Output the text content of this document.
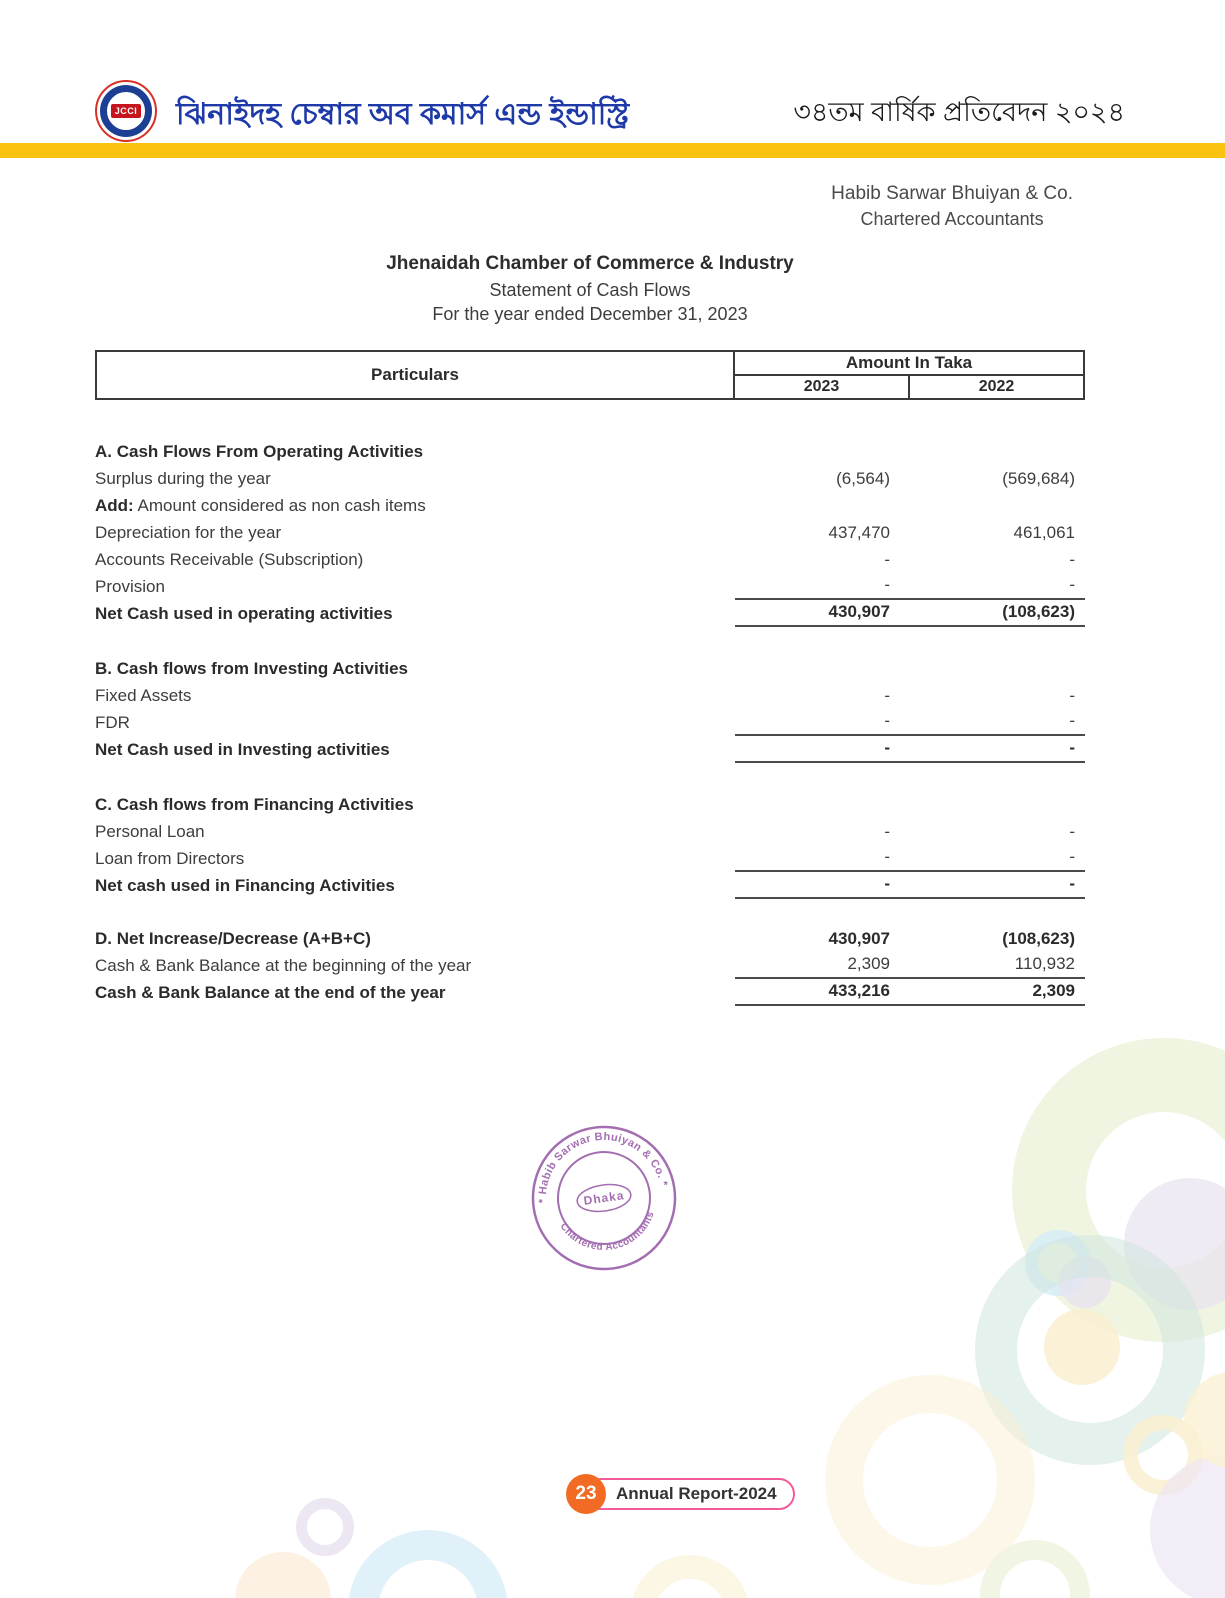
JCCI ঝিনাইদহ চেম্বার অব কমার্স এন্ড ইন্ডাস্ট্রি	৩৪তম বার্ষিক প্রতিবেদন ২০২৪
Habib Sarwar Bhuiyan & Co.
Chartered Accountants
Jhenaidah Chamber of Commerce & Industry
Statement of Cash Flows
For the year ended December 31, 2023
Particulars
Amount In Taka
2023	2022
A. Cash Flows From Operating Activities
Surplus during the year	(6,564)	(569,684)
Add: Amount considered as non cash items
Depreciation for the year	437,470	461,061
Accounts Receivable (Subscription)	-	-
Provision	-	-
Net Cash used in operating activities	430,907	(108,623)
B. Cash flows from Investing Activities
Fixed Assets	-	-
FDR	-	-
Net Cash used in Investing activities	-	-
C. Cash flows from Financing Activities
Personal Loan	-	-
Loan from Directors	-	-
Net cash used in Financing Activities	-	-
D. Net Increase/Decrease (A+B+C)	430,907	(108,623)
Cash & Bank Balance at the beginning of the year	2,309	110,932
Cash & Bank Balance at the end of the year	433,216	2,309
* Habib Sarwar Bhuiyan & Co. *
Chartered Accountants
Dhaka
23	Annual Report-2024
